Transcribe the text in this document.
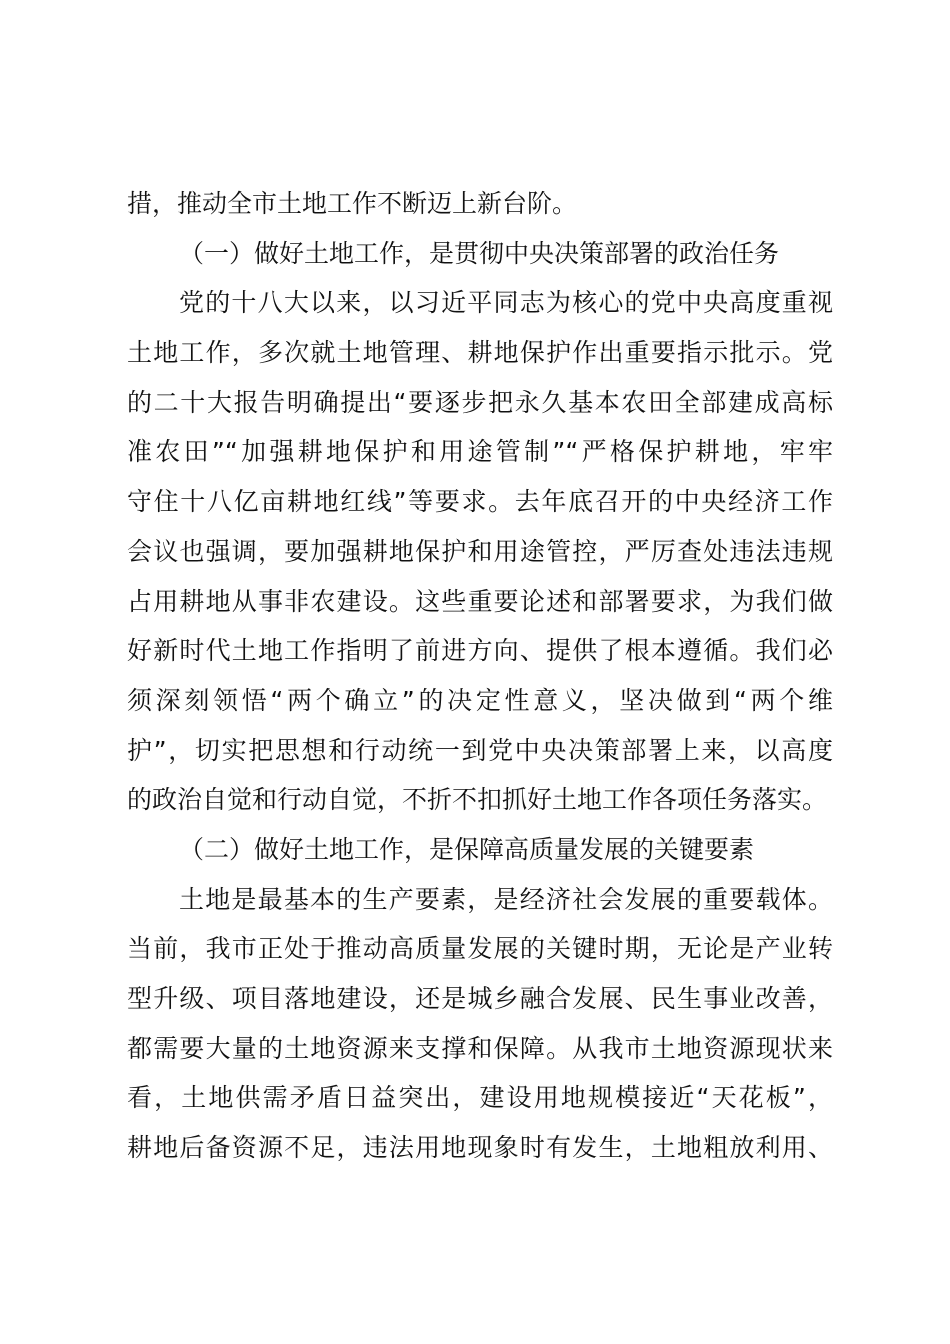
措，推动全市土地工作不断迈上新台阶。
（一）做好土地工作，是贯彻中央决策部署的政治任务
党的十八大以来，以习近平同志为核心的党中央高度重视
土地工作，多次就土地管理、耕地保护作出重要指示批示。党
的二十大报告明确提出“要逐步把永久基本农田全部建成高标
准农田”“加强耕地保护和用途管制”“严格保护耕地，牢牢
守住十八亿亩耕地红线”等要求。去年底召开的中央经济工作
会议也强调，要加强耕地保护和用途管控，严厉查处违法违规
占用耕地从事非农建设。这些重要论述和部署要求，为我们做
好新时代土地工作指明了前进方向、提供了根本遵循。我们必
须深刻领悟“两个确立”的决定性意义，坚决做到“两个维
护”，切实把思想和行动统一到党中央决策部署上来，以高度
的政治自觉和行动自觉，不折不扣抓好土地工作各项任务落实。
（二）做好土地工作，是保障高质量发展的关键要素
土地是最基本的生产要素，是经济社会发展的重要载体。
当前，我市正处于推动高质量发展的关键时期，无论是产业转
型升级、项目落地建设，还是城乡融合发展、民生事业改善，
都需要大量的土地资源来支撑和保障。从我市土地资源现状来
看，土地供需矛盾日益突出，建设用地规模接近“天花板”，
耕地后备资源不足，违法用地现象时有发生，土地粗放利用、
